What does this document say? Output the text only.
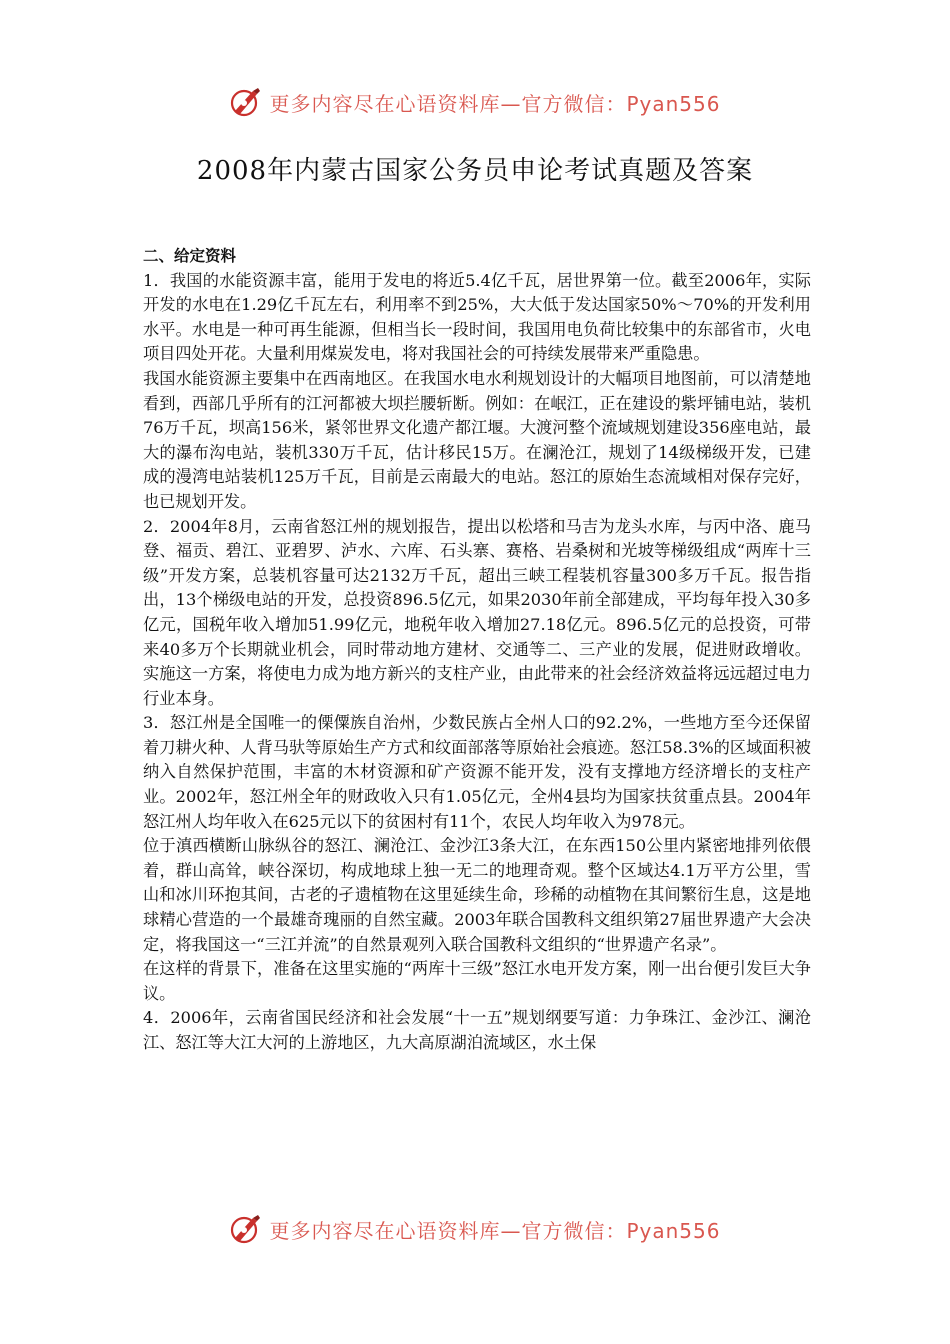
更多内容尽在心语资料库—官方微信：Pyan556
2008年内蒙古国家公务员申论考试真题及答案

二、给定资料

1．我国的水能资源丰富，能用于发电的将近5.4亿千瓦，居世界第一位。截至2006年，实际开发的水电在1.29亿千瓦左右，利用率不到25%，大大低于发达国家50%～70%的开发利用水平。水电是一种可再生能源，但相当长一段时间，我国用电负荷比较集中的东部省市，火电项目四处开花。大量利用煤炭发电，将对我国社会的可持续发展带来严重隐患。

我国水能资源主要集中在西南地区。在我国水电水利规划设计的大幅项目地图前，可以清楚地看到，西部几乎所有的江河都被大坝拦腰斩断。例如：在岷江，正在建设的紫坪铺电站，装机76万千瓦，坝高156米，紧邻世界文化遗产都江堰。大渡河整个流域规划建设356座电站，最大的瀑布沟电站，装机330万千瓦，估计移民15万。在澜沧江，规划了14级梯级开发，已建成的漫湾电站装机125万千瓦，目前是云南最大的电站。怒江的原始生态流域相对保存完好，也已规划开发。

2．2004年8月，云南省怒江州的规划报告，提出以松塔和马吉为龙头水库，与丙中洛、鹿马登、福贡、碧江、亚碧罗、泸水、六库、石头寨、赛格、岩桑树和光坡等梯级组成“两库十三级”开发方案，总装机容量可达2132万千瓦，超出三峡工程装机容量300多万千瓦。报告指出，13个梯级电站的开发，总投资896.5亿元，如果2030年前全部建成，平均每年投入30多亿元，国税年收入增加51.99亿元，地税年收入增加27.18亿元。896.5亿元的总投资，可带来40多万个长期就业机会，同时带动地方建材、交通等二、三产业的发展，促进财政增收。实施这一方案，将使电力成为地方新兴的支柱产业，由此带来的社会经济效益将远远超过电力行业本身。

3．怒江州是全国唯一的傈僳族自治州，少数民族占全州人口的92.2%，一些地方至今还保留着刀耕火种、人背马驮等原始生产方式和纹面部落等原始社会痕迹。怒江58.3%的区域面积被纳入自然保护范围，丰富的木材资源和矿产资源不能开发，没有支撑地方经济增长的支柱产业。2002年，怒江州全年的财政收入只有1.05亿元，全州4县均为国家扶贫重点县。2004年怒江州人均年收入在625元以下的贫困村有11个，农民人均年收入为978元。

位于滇西横断山脉纵谷的怒江、澜沧江、金沙江3条大江，在东西150公里内紧密地排列依偎着，群山高耸，峡谷深切，构成地球上独一无二的地理奇观。整个区域达4.1万平方公里，雪山和冰川环抱其间，古老的孑遗植物在这里延续生命，珍稀的动植物在其间繁衍生息，这是地球精心营造的一个最雄奇瑰丽的自然宝藏。2003年联合国教科文组织第27届世界遗产大会决定，将我国这一“三江并流”的自然景观列入联合国教科文组织的“世界遗产名录”。

在这样的背景下，准备在这里实施的“两库十三级”怒江水电开发方案，刚一出台便引发巨大争议。

4．2006年，云南省国民经济和社会发展“十一五”规划纲要写道：力争珠江、金沙江、澜沧江、怒江等大江大河的上游地区，九大高原湖泊流域区，水土保

更多内容尽在心语资料库—官方微信：Pyan556
